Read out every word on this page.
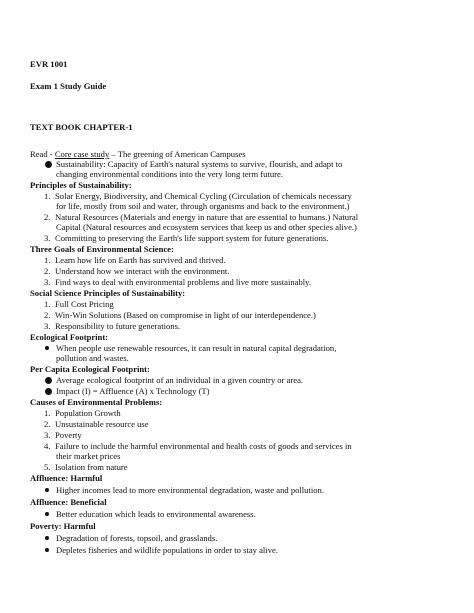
EVR 1001
Exam 1 Study Guide
TEXT BOOK CHAPTER-1
Read - Core case study – The greening of American Campuses
Sustainability: Capacity of Earth's natural systems to survive, flourish, and adapt to
changing environmental conditions into the very long term future.
Principles of Sustainability:
1. Solar Energy, Biodiversity, and Chemical Cycling (Circulation of chemicals necessary
for life, mostly from soil and water, through organisms and back to the environment.)
2. Natural Resources (Materials and energy in nature that are essential to humans.) Natural
Capital (Natural resources and ecosystem services that keep us and other species alive.)
3. Committing to preserving the Earth's life support system for future generations.
Three Goals of Environmental Science:
1. Learn how life on Earth has survived and thrived.
2. Understand how we interact with the environment.
3. Find ways to deal with environmental problems and live more sustainably.
Social Science Principles of Sustainability:
1. Full Cost Pricing
2. Win-Win Solutions (Based on compromise in light of our interdependence.)
3. Responsibility to future generations.
Ecological Footprint:
When people use renewable resources, it can result in natural capital degradation,
pollution and wastes.
Per Capita Ecological Footprint:
Average ecological footprint of an individual in a given country or area.
Impact (I) = Affluence (A) x Technology (T)
Causes of Environmental Problems:
1. Population Growth
2. Unsustainable resource use
3. Poverty
4. Failure to include the harmful environmental and health costs of goods and services in
their market prices
5. Isolation from nature
Affluence: Harmful
Higher incomes lead to more environmental degradation, waste and pollution.
Affluence: Beneficial
Better education which leads to environmental awareness.
Poverty: Harmful
Degradation of forests, topsoil, and grasslands.
Depletes fisheries and wildlife populations in order to stay alive.
